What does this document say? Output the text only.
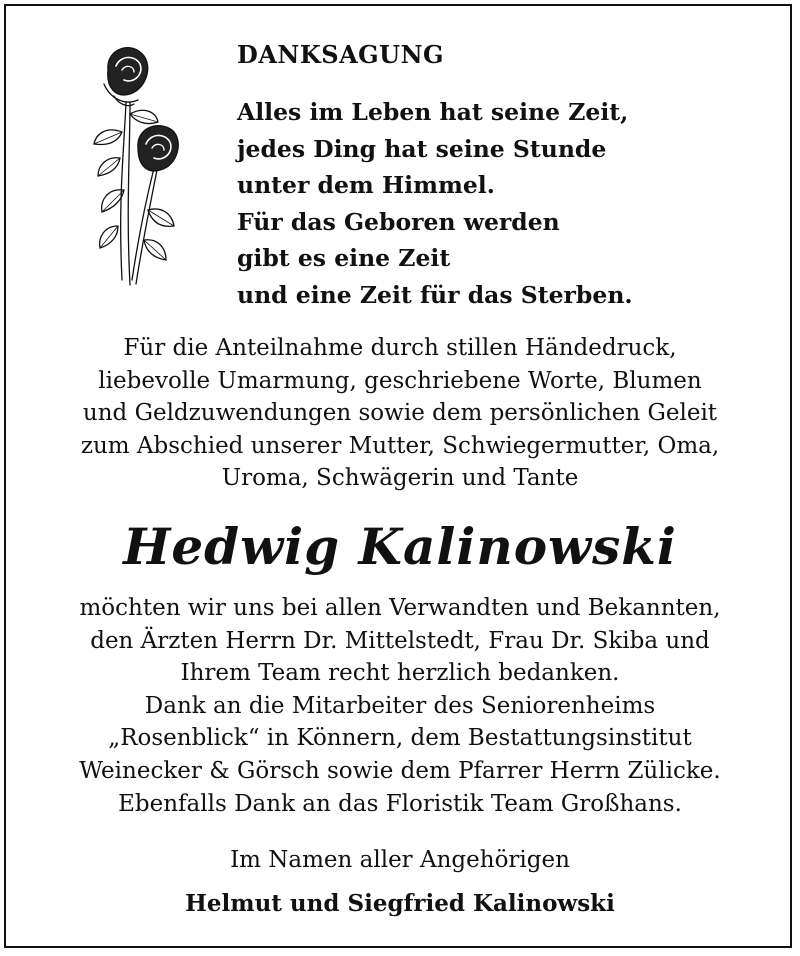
DANKSAGUNG
Alles im Leben hat seine Zeit,
jedes Ding hat seine Stunde
unter dem Himmel.
Für das Geboren werden
gibt es eine Zeit
und eine Zeit für das Sterben.
Für die Anteilnahme durch stillen Händedruck,
liebevolle Umarmung, geschriebene Worte, Blumen
und Geldzuwendungen sowie dem persönlichen Geleit
zum Abschied unserer Mutter, Schwiegermutter, Oma,
Uroma, Schwägerin und Tante
Hedwig Kalinowski
möchten wir uns bei allen Verwandten und Bekannten,
den Ärzten Herrn Dr. Mittelstedt, Frau Dr. Skiba und
Ihrem Team recht herzlich bedanken.
Dank an die Mitarbeiter des Seniorenheims
„Rosenblick“ in Könnern, dem Bestattungsinstitut
Weinecker & Görsch sowie dem Pfarrer Herrn Zülicke.
Ebenfalls Dank an das Floristik Team Großhans.
Im Namen aller Angehörigen
Helmut und Siegfried Kalinowski
